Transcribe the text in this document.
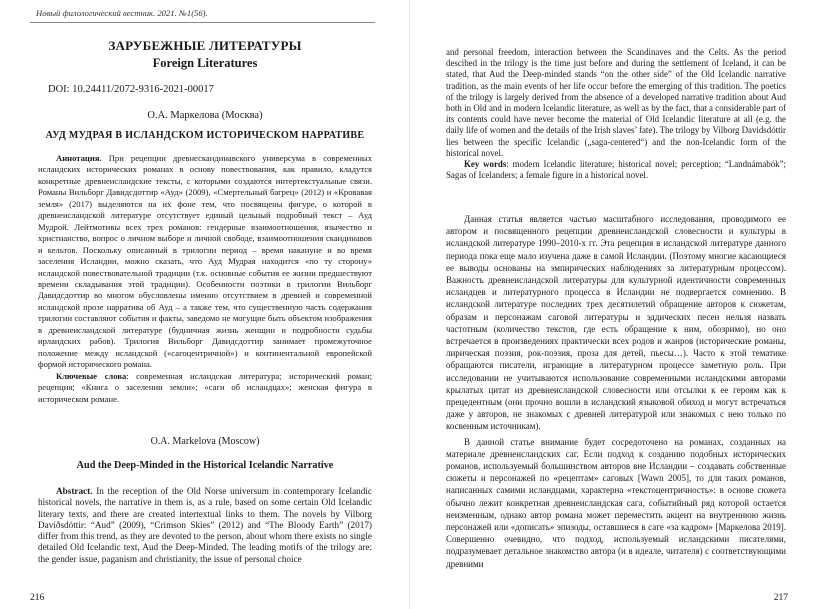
Новый филологический вестник. 2021. №1(56).
ЗАРУБЕЖНЫЕ ЛИТЕРАТУРЫ
Foreign Literatures
DOI: 10.24411/2072-9316-2021-00017
О.А. Маркелова (Москва)
АУД МУДРАЯ В ИСЛАНДСКОМ ИСТОРИЧЕСКОМ НАРРАТИВЕ

Аннотация. При рецепции древнескандинавского универсума в современных исландских исторических романах в основу повествования, как правило, кладутся конкретные древнеисландские тексты, с которыми создаются интертекстуальные связи. Романы Вильборг Давидсдоттир «Ауд» (2009), «Смертельный багрец» (2012) и «Кровавая земля» (2017) выделяются на их фоне тем, что посвящены фигуре, о которой в древнеисландской литературе отсутствует единый цельный подробный текст – Ауд Мудрой. Лейтмотивы всех трех романов: гендерные взаимоотношения, язычество и христианство, вопрос о личном выборе и личной свободе, взаимоотношения скандинавов и кельтов. Поскольку описанный в трилогии период – время накануне и во время заселения Исландии, можно сказать, что Ауд Мудрая находится «по ту сторону» исландской повествовательной традиции (т.к. основные события ее жизни предшествуют времени складывания этой традиции). Особенности поэтики в трилогии Вильборг Давидсдоттир во многом обусловлены именно отсутствием в древней и современной исландской прозе нарратива об Ауд – а также тем, что существенную часть содержания трилогии составляют события и факты, заведомо не могущие быть объектом изображения в древнеисландской литературе (будничная жизнь женщин и подробности судьбы ирландских рабов). Трилогия Вильборг Давидсдоттир занимает промежуточное положение между исландской («сагоцентричной») и континентальной европейской формой исторического романа.

Ключевые слова: современная исландская литература; исторический роман; рецепция; «Книга о заселении земли»; «саги об исландцах»; женская фигура в историческом романе.

O.A. Markelova (Moscow)
Aud the Deep-Minded in the Historical Icelandic Narrative

Abstract. In the reception of the Old Norse universum in contemporary Icelandic historical novels, the narrative in them is, as a rule, based on some certain Old Icelandic literary texts, and there are created intertextual links to them. The novels by Vilborg Davíðsdóttir: “Aud” (2009), “Crimson Skies” (2012) and “The Bloody Earth” (2017) differ from this trend, as they are devoted to the person, about whom there exists no single detailed Old Icelandic text, Aud the Deep-Minded. The leading motifs of the trilogy are: the gender issue, paganism and christianity, the issue of personal choice

216

and personal freedom, interaction between the Scandinaves and the Celts. As the period descibed in the trilogy is the time just before and during the settlement of Iceland, it can be stated, that Aud the Deep-minded stands “on the other side” of the Old Icelandic narrative tradition, as the main events of her life occur before the emerging of this tradition. The poetics of the trilogy is largely derived from the absence of a developed narrative tradition about Aud both in Old and in modern Icelandic literature, as well as by the fact, that a considerable part of its contents could have never become the material of Old Icelandic literature at all (e.g. the daily life of women and the details of the Irish slaves’ fate). The trilogy by Vilborg Davidsdóttir lies between the specific Icelandic („saga-centered“) and the non-Icelandic form of the historical novel.

Key words: modern Icelandic literature; historical novel; perception; “Landnámabók”; Sagas of Icelanders; a female figure in a historical novel.

Данная статья является частью масштабного исследования, проводимого ее автором и посвященного рецепции древнеисландской словесности и культуры в исландской литературе 1990–2010-х гг. Эта рецепция в исландской литературе данного периода пока еще мало изучена даже в самой Исландии. (Поэтому многие касающиеся ее выводы основаны на эмпирических наблюдениях за литературным процессом). Важность древнеисландской литературы для культурной идентичности современных исландцев и литературного процесса в Исландии не подвергается сомнению. В исландской литературе последних трех десятилетий обращение авторов к сюжетам, образам и персонажам саговой литературы и эддических песен нельзя назвать частотным (количество текстов, где есть обращение к ним, обозримо), но оно встречается в произведениях практически всех родов и жанров (исторические романы, лирическая поэзия, рок-поэзия, проза для детей, пьесы…). Часто к этой тематике обращаются писатели, играющие в литературном процессе заметную роль. При исследовании не учитываются использование современными исландскими авторами крылатых цитат из древнеисландской словесности или отсылки к ее героям как к прецедентным (они прочно вошли в исландский языковой обиход и могут встречаться даже у авторов, не знакомых с древней литературой или знакомых с нею только по косвенным источникам).

В данной статье внимание будет сосредоточено на романах, созданных на материале древнеисландских саг. Если подход к созданию подобных исторических романов, используемый большинством авторов вне Исландии – создавать собственные сюжеты и персонажей по «рецептам» саговых [Wawn 2005], то для таких романов, написанных самими исландцами, характерна «текстоцентричность»: в основе сюжета обычно лежит конкретная древнеисландская сага, событийный ряд которой остается неизменным, однако автор романа может переместить акцент на внутреннюю жизнь персонажей или «дописать» эпизоды, оставшиеся в саге «за кадром» [Маркелова 2019]. Совершенно очевидно, что подход, используемый исландскими писателями, подразумевает детальное знакомство автора (и в идеале, читателя) с соответствующими древними

217
